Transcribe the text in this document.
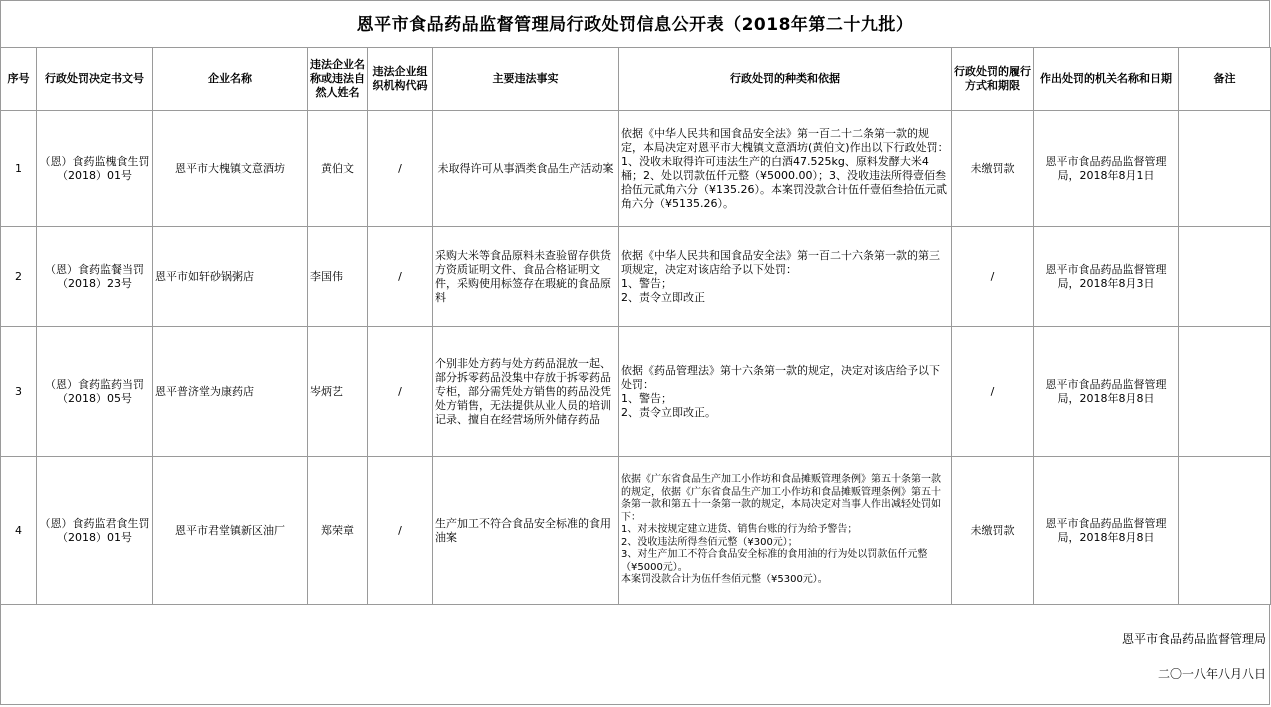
恩平市食品药品监督管理局行政处罚信息公开表（2018年第二十九批）
序号	行政处罚决定书文号	企业名称	违法企业名称或违法自然人姓名	违法企业组织机构代码	主要违法事实	行政处罚的种类和依据	行政处罚的履行方式和期限	作出处罚的机关名称和日期	备注
1	（恩）食药监槐食生罚（2018）01号	恩平市大槐镇文意酒坊	黄伯文	/	未取得许可从事酒类食品生产活动案	依据《中华人民共和国食品安全法》第一百二十二条第一款的规定，本局决定对恩平市大槐镇文意酒坊(黄伯文)作出以下行政处罚：1、没收未取得许可违法生产的白酒47.525kg、原料发酵大米4桶；2、处以罚款伍仟元整（¥5000.00）；3、没收违法所得壹佰叁拾伍元贰角六分（¥135.26）。本案罚没款合计伍仟壹佰叁拾伍元贰角六分（¥5135.26）。	未缴罚款	恩平市食品药品监督管理局，2018年8月1日	
2	（恩）食药监餐当罚（2018）23号	恩平市如轩砂锅粥店	李国伟	/	采购大米等食品原料未查验留存供货方资质证明文件、食品合格证明文件，采购使用标签存在瑕疵的食品原料	依据《中华人民共和国食品安全法》第一百二十六条第一款的第三项规定，决定对该店给予以下处罚：
1、警告；
2、责令立即改正	/	恩平市食品药品监督管理局，2018年8月3日	
3	（恩）食药监药当罚（2018）05号	恩平普济堂为康药店	岑炳艺	/	个别非处方药与处方药品混放一起、部分拆零药品没集中存放于拆零药品专柜，部分需凭处方销售的药品没凭处方销售，无法提供从业人员的培训记录、擅自在经营场所外储存药品	依据《药品管理法》第十六条第一款的规定，决定对该店给予以下处罚：
1、警告；
2、责令立即改正。	/	恩平市食品药品监督管理局，2018年8月8日	
4	（恩）食药监君食生罚（2018）01号	恩平市君堂镇新区油厂	郑荣章	/	生产加工不符合食品安全标准的食用油案	依据《广东省食品生产加工小作坊和食品摊贩管理条例》第五十条第一款的规定，依据《广东省食品生产加工小作坊和食品摊贩管理条例》第五十条第一款和第五十一条第一款的规定，本局决定对当事人作出减轻处罚如下：
1、对未按规定建立进货、销售台账的行为给予警告；
2、没收违法所得叁佰元整（¥300元）；
3、对生产加工不符合食品安全标准的食用油的行为处以罚款伍仟元整（¥5000元）。
本案罚没款合计为伍仟叁佰元整（¥5300元）。	未缴罚款	恩平市食品药品监督管理局，2018年8月8日	
恩平市食品药品监督管理局
二〇一八年八月八日
